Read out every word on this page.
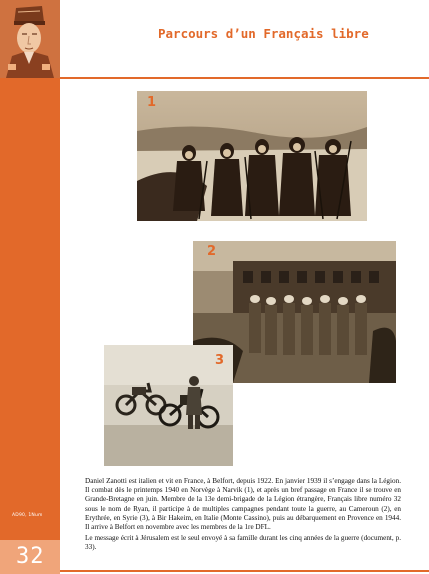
AD90, 1Num
32
Parcours d’un Français libre
1
2
3

Daniel Zanotti est italien et vit en France, à Belfort, depuis 1922. En janvier 1939 il s’engage dans la Légion. Il combat dès le printemps 1940 en Norvège à Narvik (1), et après un bref passage en France il se trouve en Grande-Bretagne en juin. Membre de la 13e demi-brigade de la Légion étrangère, Français libre numéro 32 sous le nom de Ryan, il participe à de multiples campagnes pendant toute la guerre, au Cameroun (2), en Erythrée, en Syrie (3), à Bir Hakeim, en Italie (Monte Cassino), puis au débarquement en Provence en 1944. Il arrive à Belfort en novembre avec les membres de la 1re DFL.

Le message écrit à Jérusalem est le seul envoyé à sa famille durant les cinq années de la guerre (document, p. 33).
